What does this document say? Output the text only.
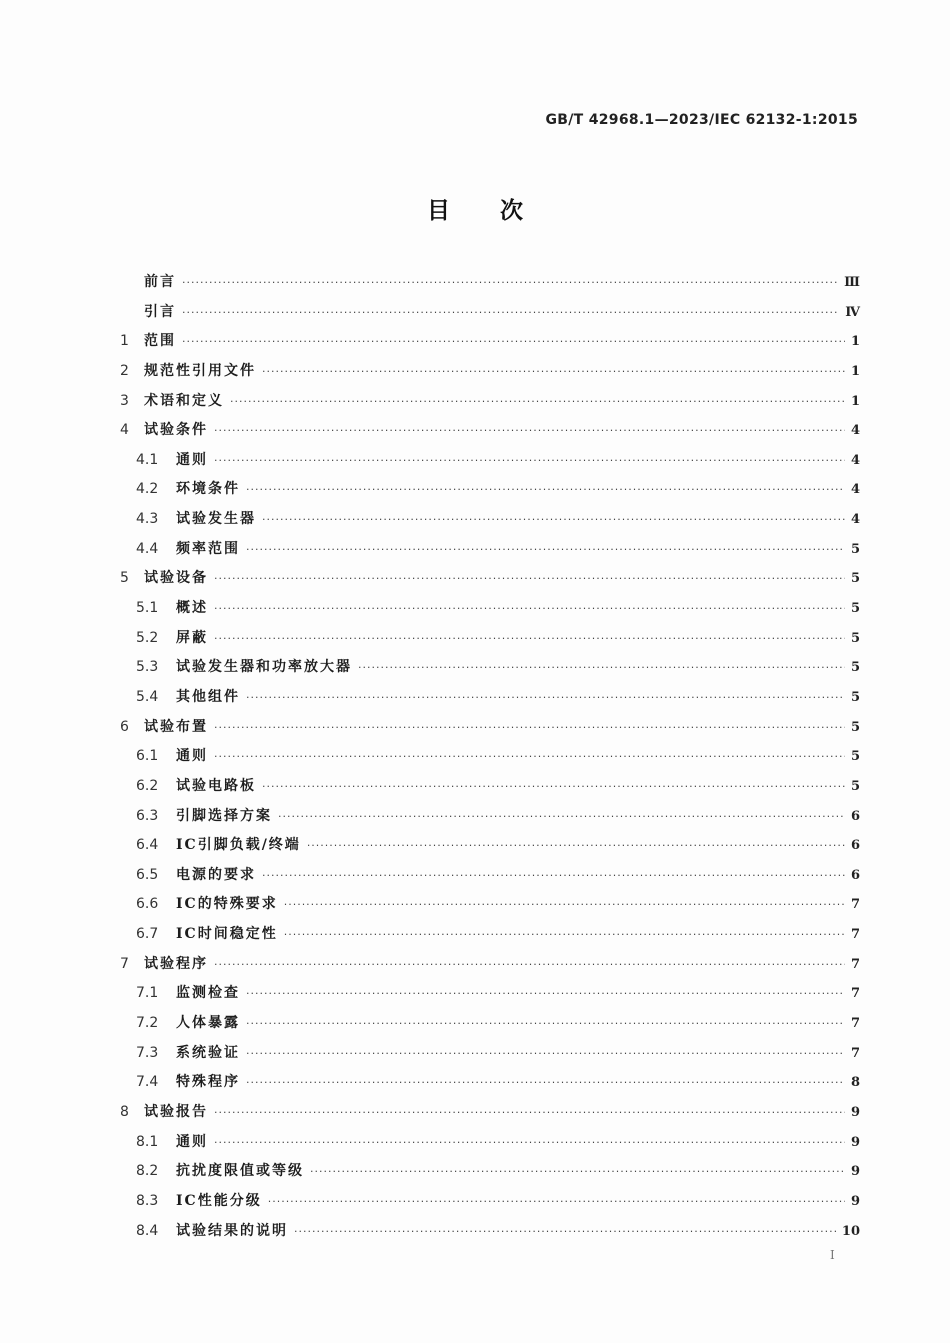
GB/T 42968.1—2023/IEC 62132-1:2015
目次
前言 ·····	Ⅲ
引言 ·····	Ⅳ
1	范围 ·····	1
2	规范性引用文件 ·····	1
3	术语和定义 ·····	1
4	试验条件 ·····	4
4.1	通则 ·····	4
4.2	环境条件 ·····	4
4.3	试验发生器 ·····	4
4.4	频率范围 ·····	5
5	试验设备 ·····	5
5.1	概述 ·····	5
5.2	屏蔽 ·····	5
5.3	试验发生器和功率放大器 ·····	5
5.4	其他组件 ·····	5
6	试验布置 ·····	5
6.1	通则 ·····	5
6.2	试验电路板 ·····	5
6.3	引脚选择方案 ·····	6
6.4	IC引脚负载/终端 ·····	6
6.5	电源的要求 ·····	6
6.6	IC的特殊要求 ·····	7
6.7	IC时间稳定性 ·····	7
7	试验程序 ·····	7
7.1	监测检查 ·····	7
7.2	人体暴露 ·····	7
7.3	系统验证 ·····	7
7.4	特殊程序 ·····	8
8	试验报告 ·····	9
8.1	通则 ·····	9
8.2	抗扰度限值或等级 ·····	9
8.3	IC性能分级 ·····	9
8.4	试验结果的说明 ·····	10
Ⅰ
